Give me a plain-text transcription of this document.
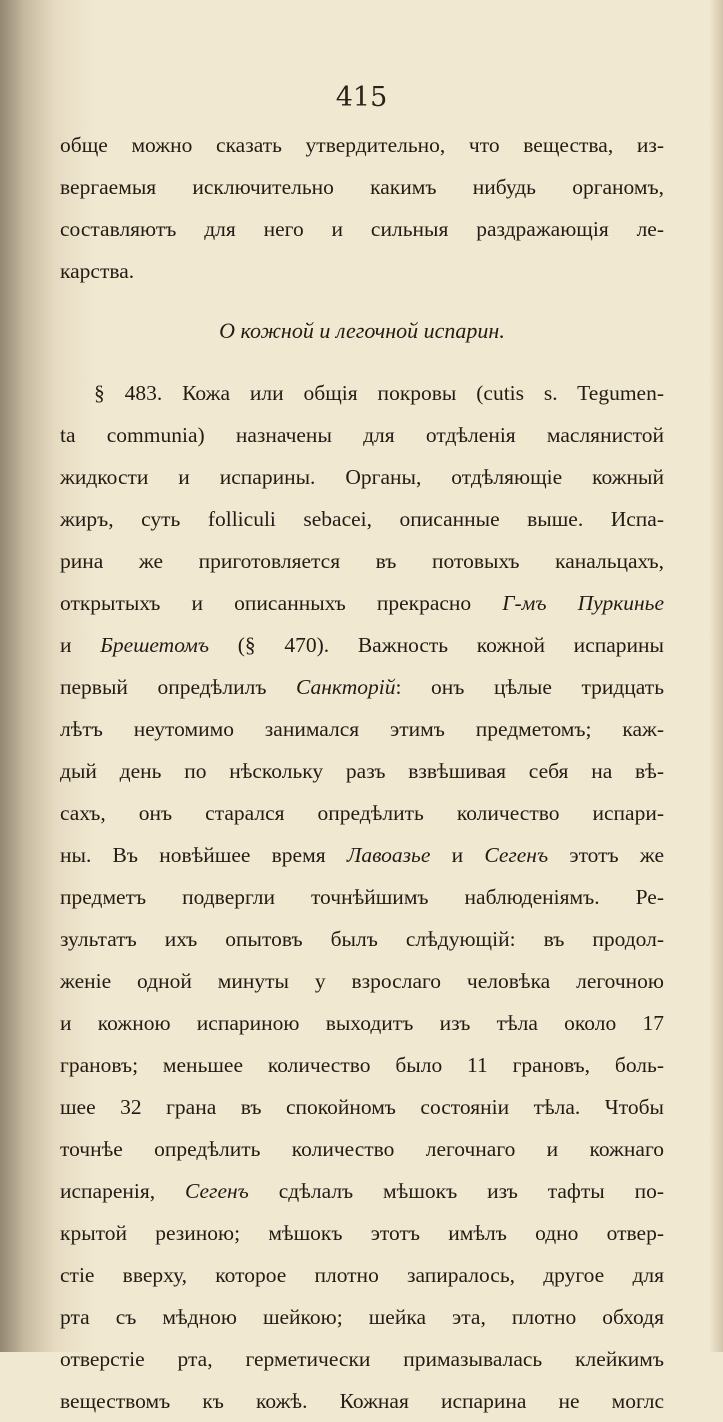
415
обще можно сказать утвердительно, что вещества, из-
вергаемыя исключительно какимъ нибудь органомъ,
составляютъ для него и сильныя раздражающія ле-
карства.
О кожной и легочной испарин.
§ 483. Кожа или общія покровы (cutis s. Tegumen-
ta communia) назначены для отдѣленія маслянистой
жидкости и испарины. Органы, отдѣляющіе кожный
жиръ, суть folliculi sebacei, описанные выше. Испа-
рина же приготовляется въ потовыхъ канальцахъ,
открытыхъ и описанныхъ прекрасно Г-мъ Пуркинье
и Брешетомъ (§ 470). Важность кожной испарины
первый опредѣлилъ Санкторій: онъ цѣлые тридцать
лѣтъ неутомимо занимался этимъ предметомъ; каж-
дый день по нѣскольку разъ взвѣшивая себя на вѣ-
сахъ, онъ старался опредѣлить количество испари-
ны. Въ новѣйшее время Лавоазье и Сегенъ этотъ же
предметъ подвергли точнѣйшимъ наблюденіямъ. Ре-
зультатъ ихъ опытовъ былъ слѣдующій: въ продол-
женіе одной минуты у взрослаго человѣка легочною
и кожною испариною выходитъ изъ тѣла около 17
грановъ; меньшее количество было 11 грановъ, боль-
шее 32 грана въ спокойномъ состояніи тѣла. Чтобы
точнѣе опредѣлить количество легочнаго и кожнаго
испаренія, Сегенъ сдѣлалъ мѣшокъ изъ тафты по-
крытой резиною; мѣшокъ этотъ имѣлъ одно отвер-
стіе вверху, которое плотно запиралось, другое для
рта съ мѣдною шейкою; шейка эта, плотно обходя
отверстіе рта, герметически примазывалась клейкимъ
веществомъ къ кожѣ. Кожная испарина не моглс
